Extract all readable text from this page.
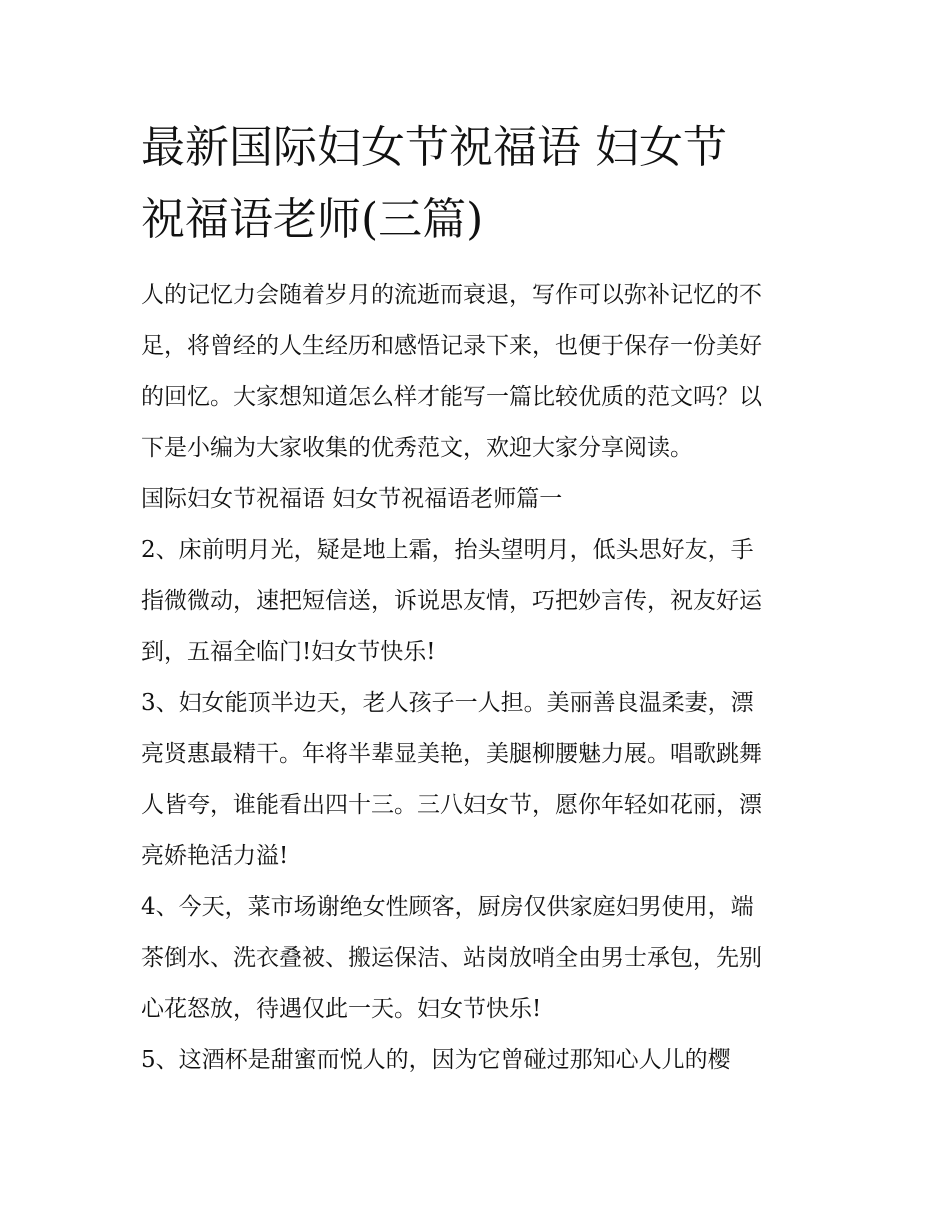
最新国际妇女节祝福语 妇女节
祝福语老师(三篇)

人的记忆力会随着岁月的流逝而衰退，写作可以弥补记忆的不
足，将曾经的人生经历和感悟记录下来，也便于保存一份美好
的回忆。大家想知道怎么样才能写一篇比较优质的范文吗？以
下是小编为大家收集的优秀范文，欢迎大家分享阅读。

国际妇女节祝福语 妇女节祝福语老师篇一

2、床前明月光，疑是地上霜，抬头望明月，低头思好友，手
指微微动，速把短信送，诉说思友情，巧把妙言传，祝友好运
到，五福全临门!妇女节快乐!

3、妇女能顶半边天，老人孩子一人担。美丽善良温柔妻，漂
亮贤惠最精干。年将半辈显美艳，美腿柳腰魅力展。唱歌跳舞
人皆夸，谁能看出四十三。三八妇女节，愿你年轻如花丽，漂
亮娇艳活力溢!

4、今天，菜市场谢绝女性顾客，厨房仅供家庭妇男使用，端
茶倒水、洗衣叠被、搬运保洁、站岗放哨全由男士承包，先别
心花怒放，待遇仅此一天。妇女节快乐!

5、这酒杯是甜蜜而悦人的，因为它曾碰过那知心人儿的樱
